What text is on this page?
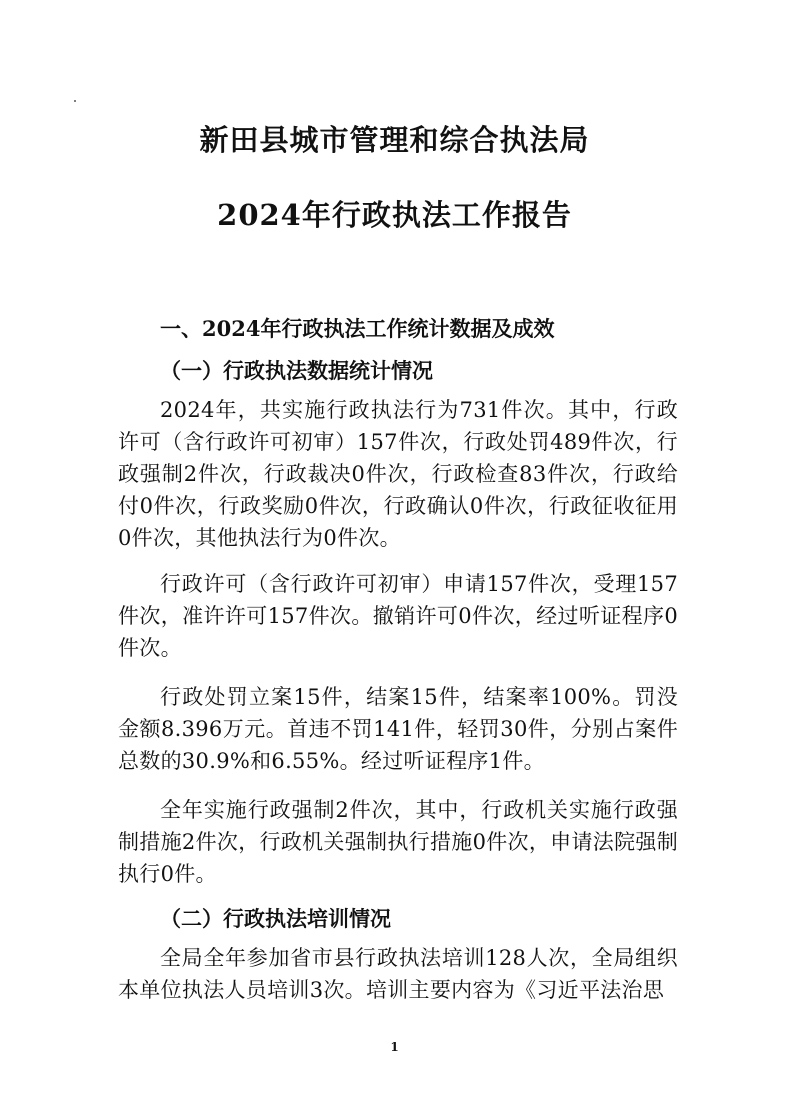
新田县城市管理和综合执法局
2024年行政执法工作报告
一、2024年行政执法工作统计数据及成效
（一）行政执法数据统计情况
2024年，共实施行政执法行为731件次。其中，行政许可（含行政许可初审）157件次，行政处罚489件次，行政强制2件次，行政裁决0件次，行政检查83件次，行政给付0件次，行政奖励0件次，行政确认0件次，行政征收征用0件次，其他执法行为0件次。
行政许可（含行政许可初审）申请157件次，受理157件次，准许许可157件次。撤销许可0件次，经过听证程序0件次。
行政处罚立案15件，结案15件，结案率100%。罚没金额8.396万元。首违不罚141件，轻罚30件，分别占案件总数的30.9%和6.55%。经过听证程序1件。
全年实施行政强制2件次，其中，行政机关实施行政强制措施2件次，行政机关强制执行措施0件次，申请法院强制执行0件。
（二）行政执法培训情况
全局全年参加省市县行政执法培训128人次，全局组织本单位执法人员培训3次。培训主要内容为《习近平法治思
1
